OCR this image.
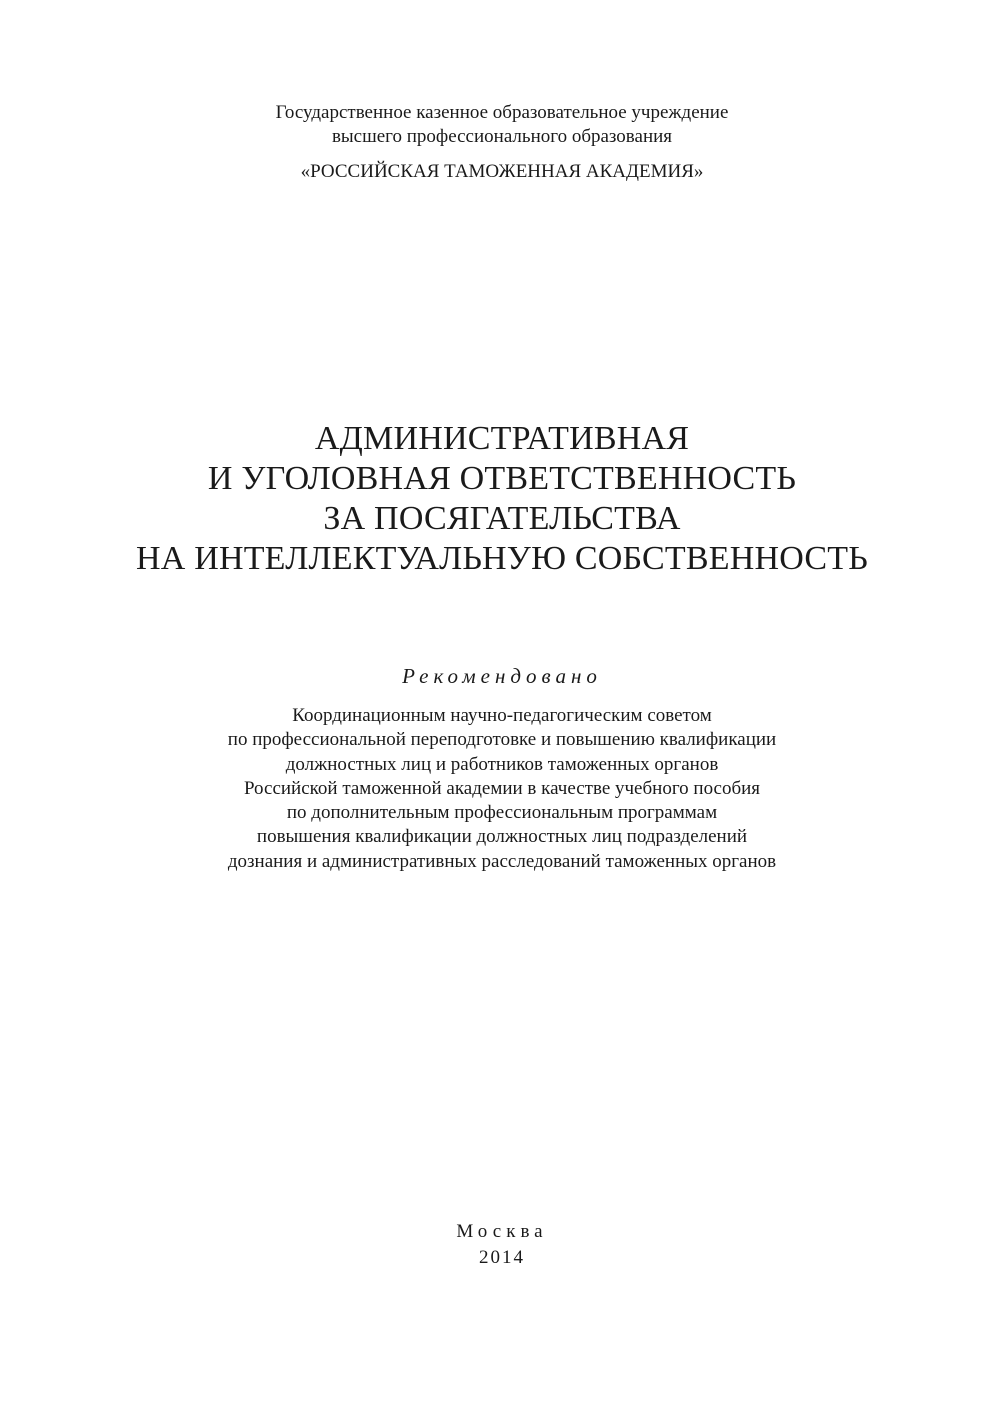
Государственное казенное образовательное учреждение
высшего профессионального образования
«РОССИЙСКАЯ ТАМОЖЕННАЯ АКАДЕМИЯ»
АДМИНИСТРАТИВНАЯ
И УГОЛОВНАЯ ОТВЕТСТВЕННОСТЬ
ЗА ПОСЯГАТЕЛЬСТВА
НА ИНТЕЛЛЕКТУАЛЬНУЮ СОБСТВЕННОСТЬ
Рекомендовано
Координационным научно-педагогическим советом
по профессиональной переподготовке и повышению квалификации
должностных лиц и работников таможенных органов
Российской таможенной академии в качестве учебного пособия
по дополнительным профессиональным программам
повышения квалификации должностных лиц подразделений
дознания и административных расследований таможенных органов
Москва
2014
